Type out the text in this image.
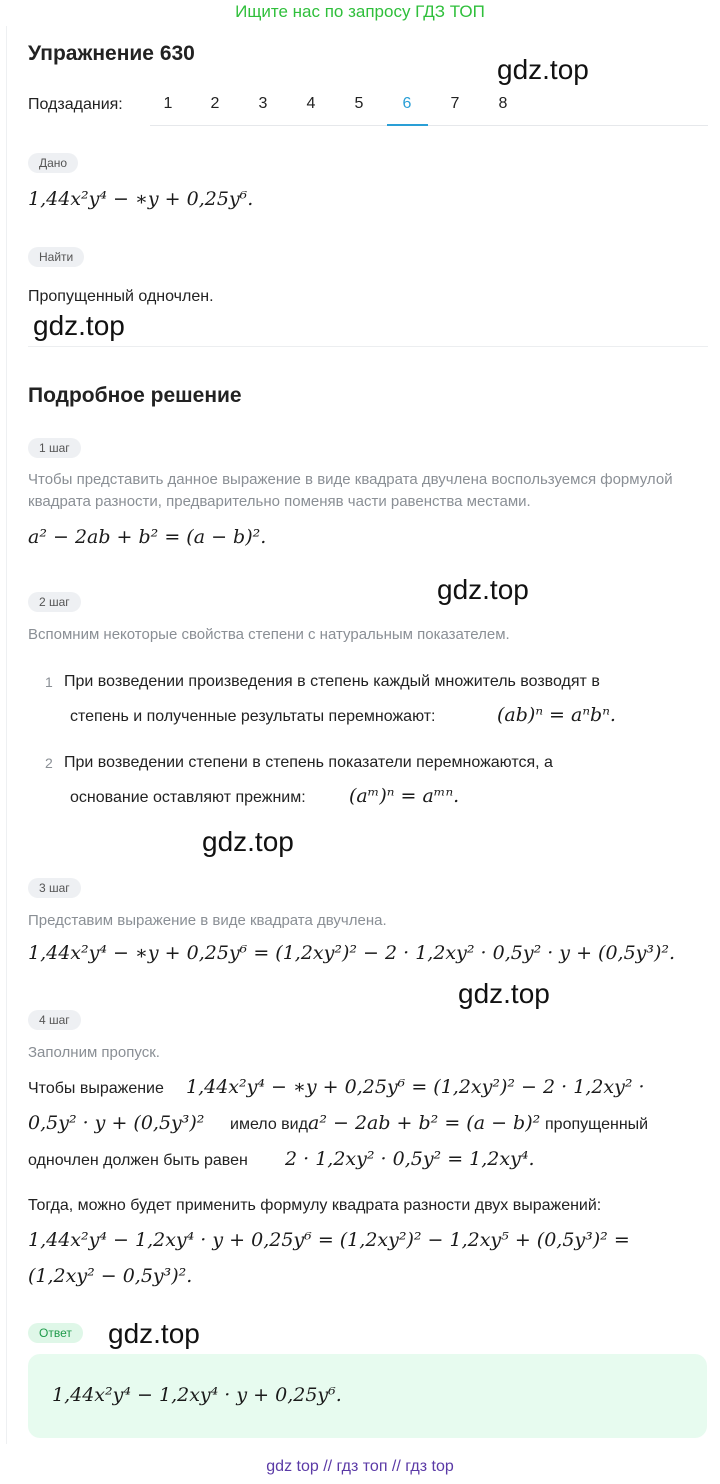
Ищите нас по запросу ГДЗ ТОП
Упражнение 630
gdz.top
Подзадания:	1	2	3	4	5	6	7	8
Дано
1,44x²y⁴ − ∗y + 0,25y⁶.
Найти
Пропущенный одночлен.
gdz.top
Подробное решение
1 шаг
Чтобы представить данное выражение в виде квадрата двучлена воспользуемся формулой квадрата разности, предварительно поменяв части равенства местами.
a² − 2ab + b² = (a − b)².
gdz.top
2 шаг
Вспомним некоторые свойства степени с натуральным показателем.
1 При возведении произведения в степень каждый множитель возводят в
степень и полученные результаты перемножают:	(ab)ⁿ = aⁿbⁿ.
2 При возведении степени в степень показатели перемножаются, а
основание оставляют прежним: (aᵐ)ⁿ = aᵐⁿ.
gdz.top
3 шаг
Представим выражение в виде квадрата двучлена.
1,44x²y⁴ − ∗y + 0,25y⁶ = (1,2xy²)² − 2 · 1,2xy² · 0,5y² · y + (0,5y³)².
gdz.top
4 шаг
Заполним пропуск.
Чтобы выражение 1,44x²y⁴ − ∗y + 0,25y⁶ = (1,2xy²)² − 2 · 1,2xy² ·
0,5y² · y + (0,5y³)² имело вид a² − 2ab + b² = (a − b)² пропущенный
одночлен должен быть равен 2 · 1,2xy² · 0,5y² = 1,2xy⁴.
Тогда, можно будет применить формулу квадрата разности двух выражений:
1,44x²y⁴ − 1,2xy⁴ · y + 0,25y⁶ = (1,2xy²)² − 1,2xy⁵ + (0,5y³)² =
(1,2xy² − 0,5y³)².
Ответ	gdz.top
1,44x²y⁴ − 1,2xy⁴ · y + 0,25y⁶.
gdz top // гдз топ // гдз top
